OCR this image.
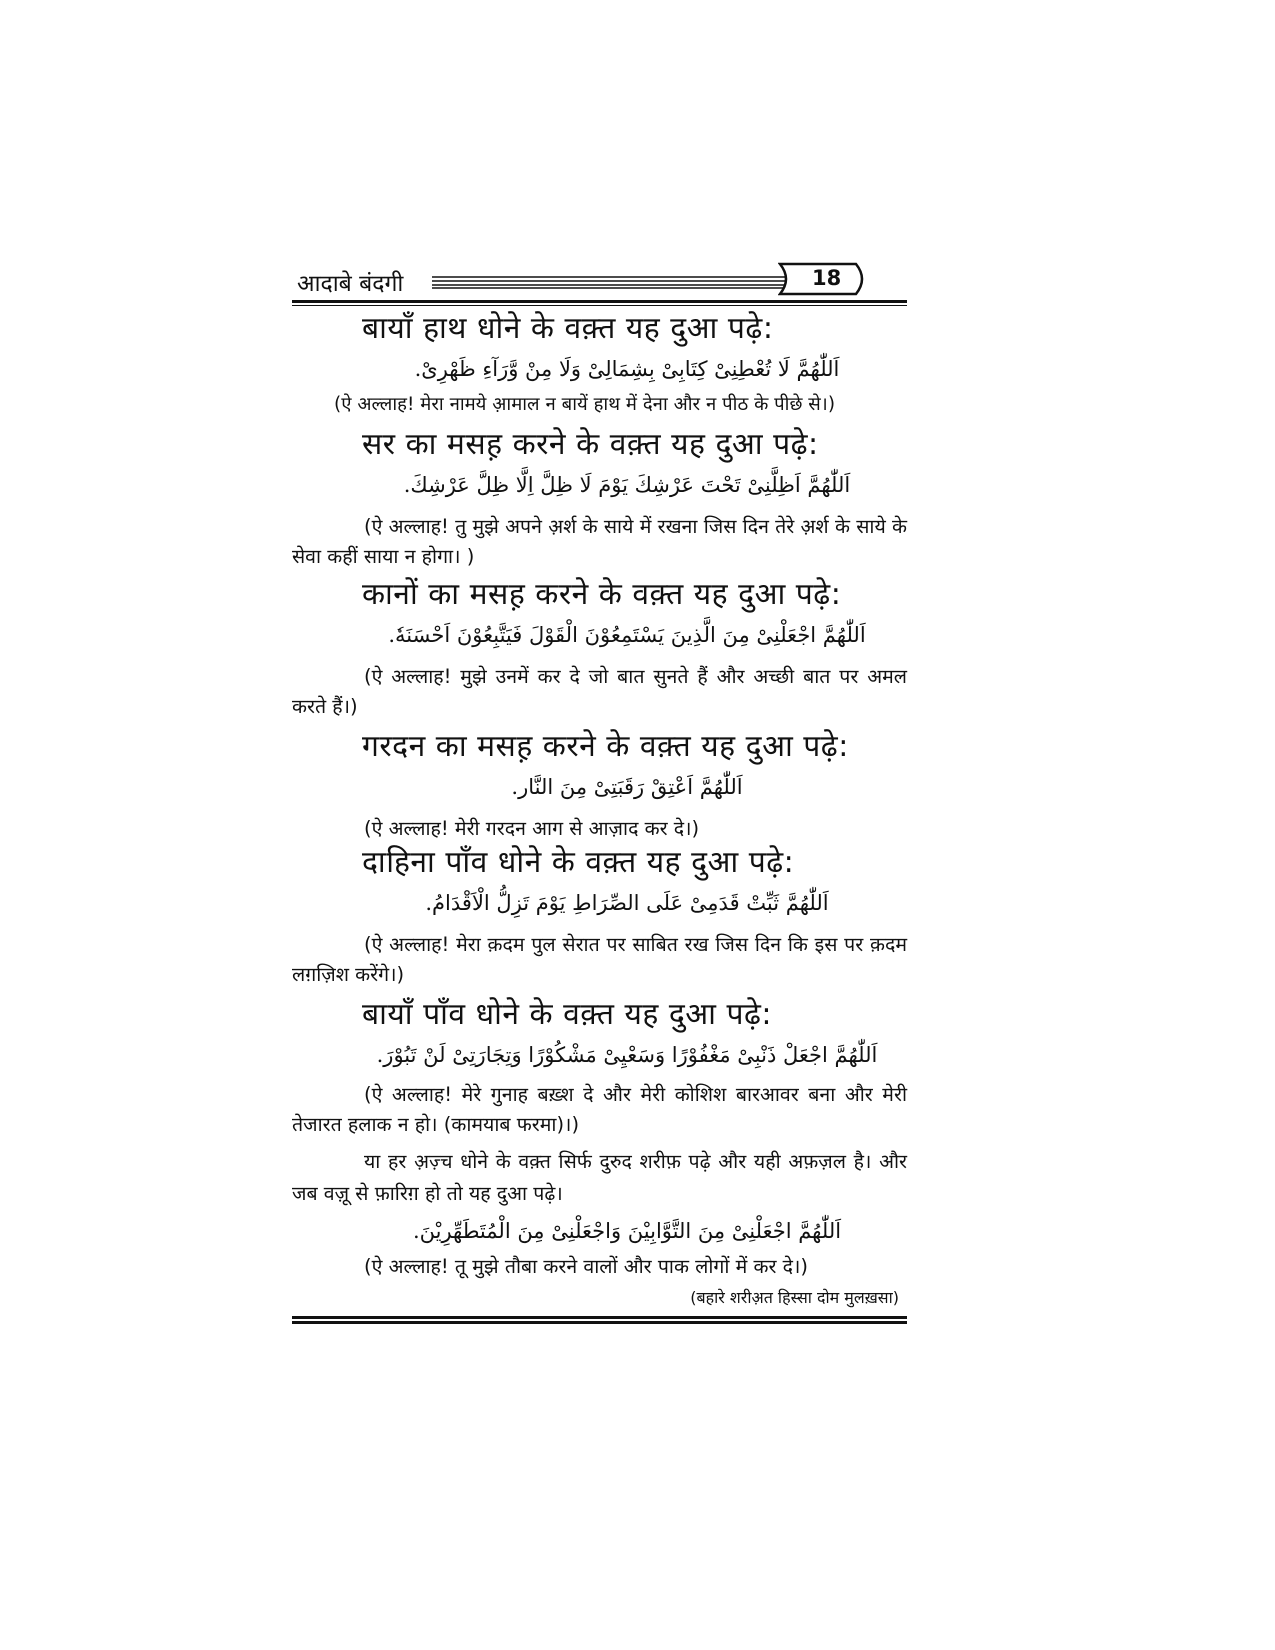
आदाबे बंदगी	18
बायाँ हाथ धोने के वक़्त यह दुआ पढ़े:
اَللّٰھُمَّ لَا تُعْطِنِیْ کِتَابِیْ بِشِمَالِیْ وَلَا مِنْ وَّرَآءِ ظَھْرِیْ.
(ऐ अल्लाह! मेरा नामये आ़माल न बायें हाथ में देना और न पीठ के पीछे से।)
सर का मसह़ करने के वक़्त यह दुआ पढ़े:
اَللّٰھُمَّ اَظِلَّنِیْ تَحْتَ عَرْشِكَ یَوْمَ لَا ظِلَّ اِلَّا ظِلَّ عَرْشِكَ.
(ऐ अल्लाह! तु मुझे अपने अ़र्श के साये में रखना जिस दिन तेरे अ़र्श के साये के सेवा कहीं साया न होगा। )
कानों का मसह़ करने के वक़्त यह दुआ पढ़े:
اَللّٰھُمَّ اجْعَلْنِیْ مِنَ الَّذِینَ یَسْتَمِعُوْنَ الْقَوْلَ فَیَتَّبِعُوْنَ اَحْسَنَهٗ.
(ऐ अल्लाह! मुझे उनमें कर दे जो बात सुनते हैं और अच्छी बात पर अमल करते हैं।)
गरदन का मसह़ करने के वक़्त यह दुआ पढ़े:
اَللّٰھُمَّ اَعْتِقْ رَقَبَتِیْ مِنَ النَّار.
(ऐ अल्लाह! मेरी गरदन आग से आज़ाद कर दे।)
दाहिना पाँव धोने के वक़्त यह दुआ पढ़े:
اَللّٰھُمَّ ثَبِّتْ قَدَمِیْ عَلَی الصِّرَاطِ یَوْمَ تَزِلُّ الْاَقْدَامُ.
(ऐ अल्लाह! मेरा क़दम पुल सेरात पर साबित रख जिस दिन कि इस पर क़दम लग़ज़िश करेंगे।)
बायाँ पाँव धोने के वक़्त यह दुआ पढ़े:
اَللّٰھُمَّ اجْعَلْ ذَنْبِیْ مَغْفُوْرًا وَسَعْیِیْ مَشْکُوْرًا وَتِجَارَتِیْ لَنْ تَبُوْرَ.
(ऐ अल्लाह! मेरे गुनाह बख़्श दे और मेरी कोशिश बारआवर बना और मेरी तेजारत हलाक न हो। (कामयाब फरमा)।)
या हर अ़ज़्च धोने के वक़्त सिर्फ दुरुद शरीफ़ पढ़े और यही अफ़ज़ल है। और जब वज़ू से फ़ारिग़ हो तो यह दुआ पढ़े।
اَللّٰھُمَّ اجْعَلْنِیْ مِنَ التَّوَّابِیْنَ وَاجْعَلْنِیْ مِنَ الْمُتَطَھِّرِیْنَ.
(ऐ अल्लाह! तू मुझे तौबा करने वालों और पाक लोगों में कर दे।)
(बहारे शरीअ़त हिस्सा दोम मुलख़सा)
